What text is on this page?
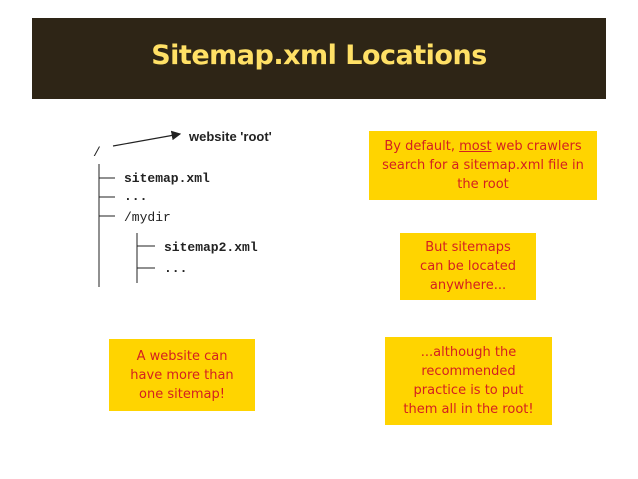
Sitemap.xml Locations
website 'root'
/
sitemap.xml
...
/mydir
sitemap2.xml
...
By default, most web crawlers search for a sitemap.xml file in the root
But sitemaps can be located anywhere...
A website can have more than one sitemap!
...although the recommended practice is to put them all in the root!
